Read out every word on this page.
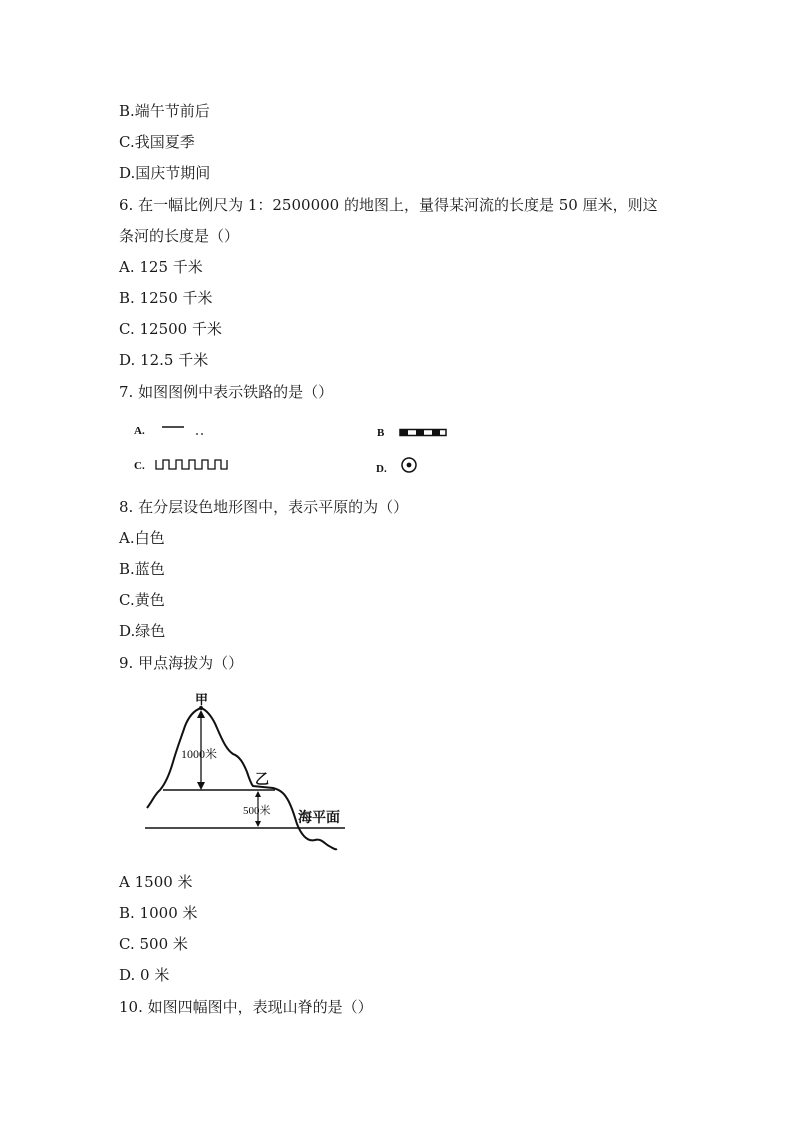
B.端午节前后
C.我国夏季
D.国庆节期间
6. 在一幅比例尺为 1：2500000 的地图上，量得某河流的长度是 50 厘米，则这
条河的长度是（）
A. 125 千米
B. 1250 千米
C. 12500 千米
D. 12.5 千米
7. 如图图例中表示铁路的是（）
A.	B
C.	D.
8. 在分层设色地形图中，表示平原的为（）
A.白色
B.蓝色
C.黄色
D.绿色
9. 甲点海拔为（）
甲
1000米
乙
500米 海平面
A 1500 米
B. 1000 米
C. 500 米
D. 0 米
10. 如图四幅图中，表现山脊的是（）
